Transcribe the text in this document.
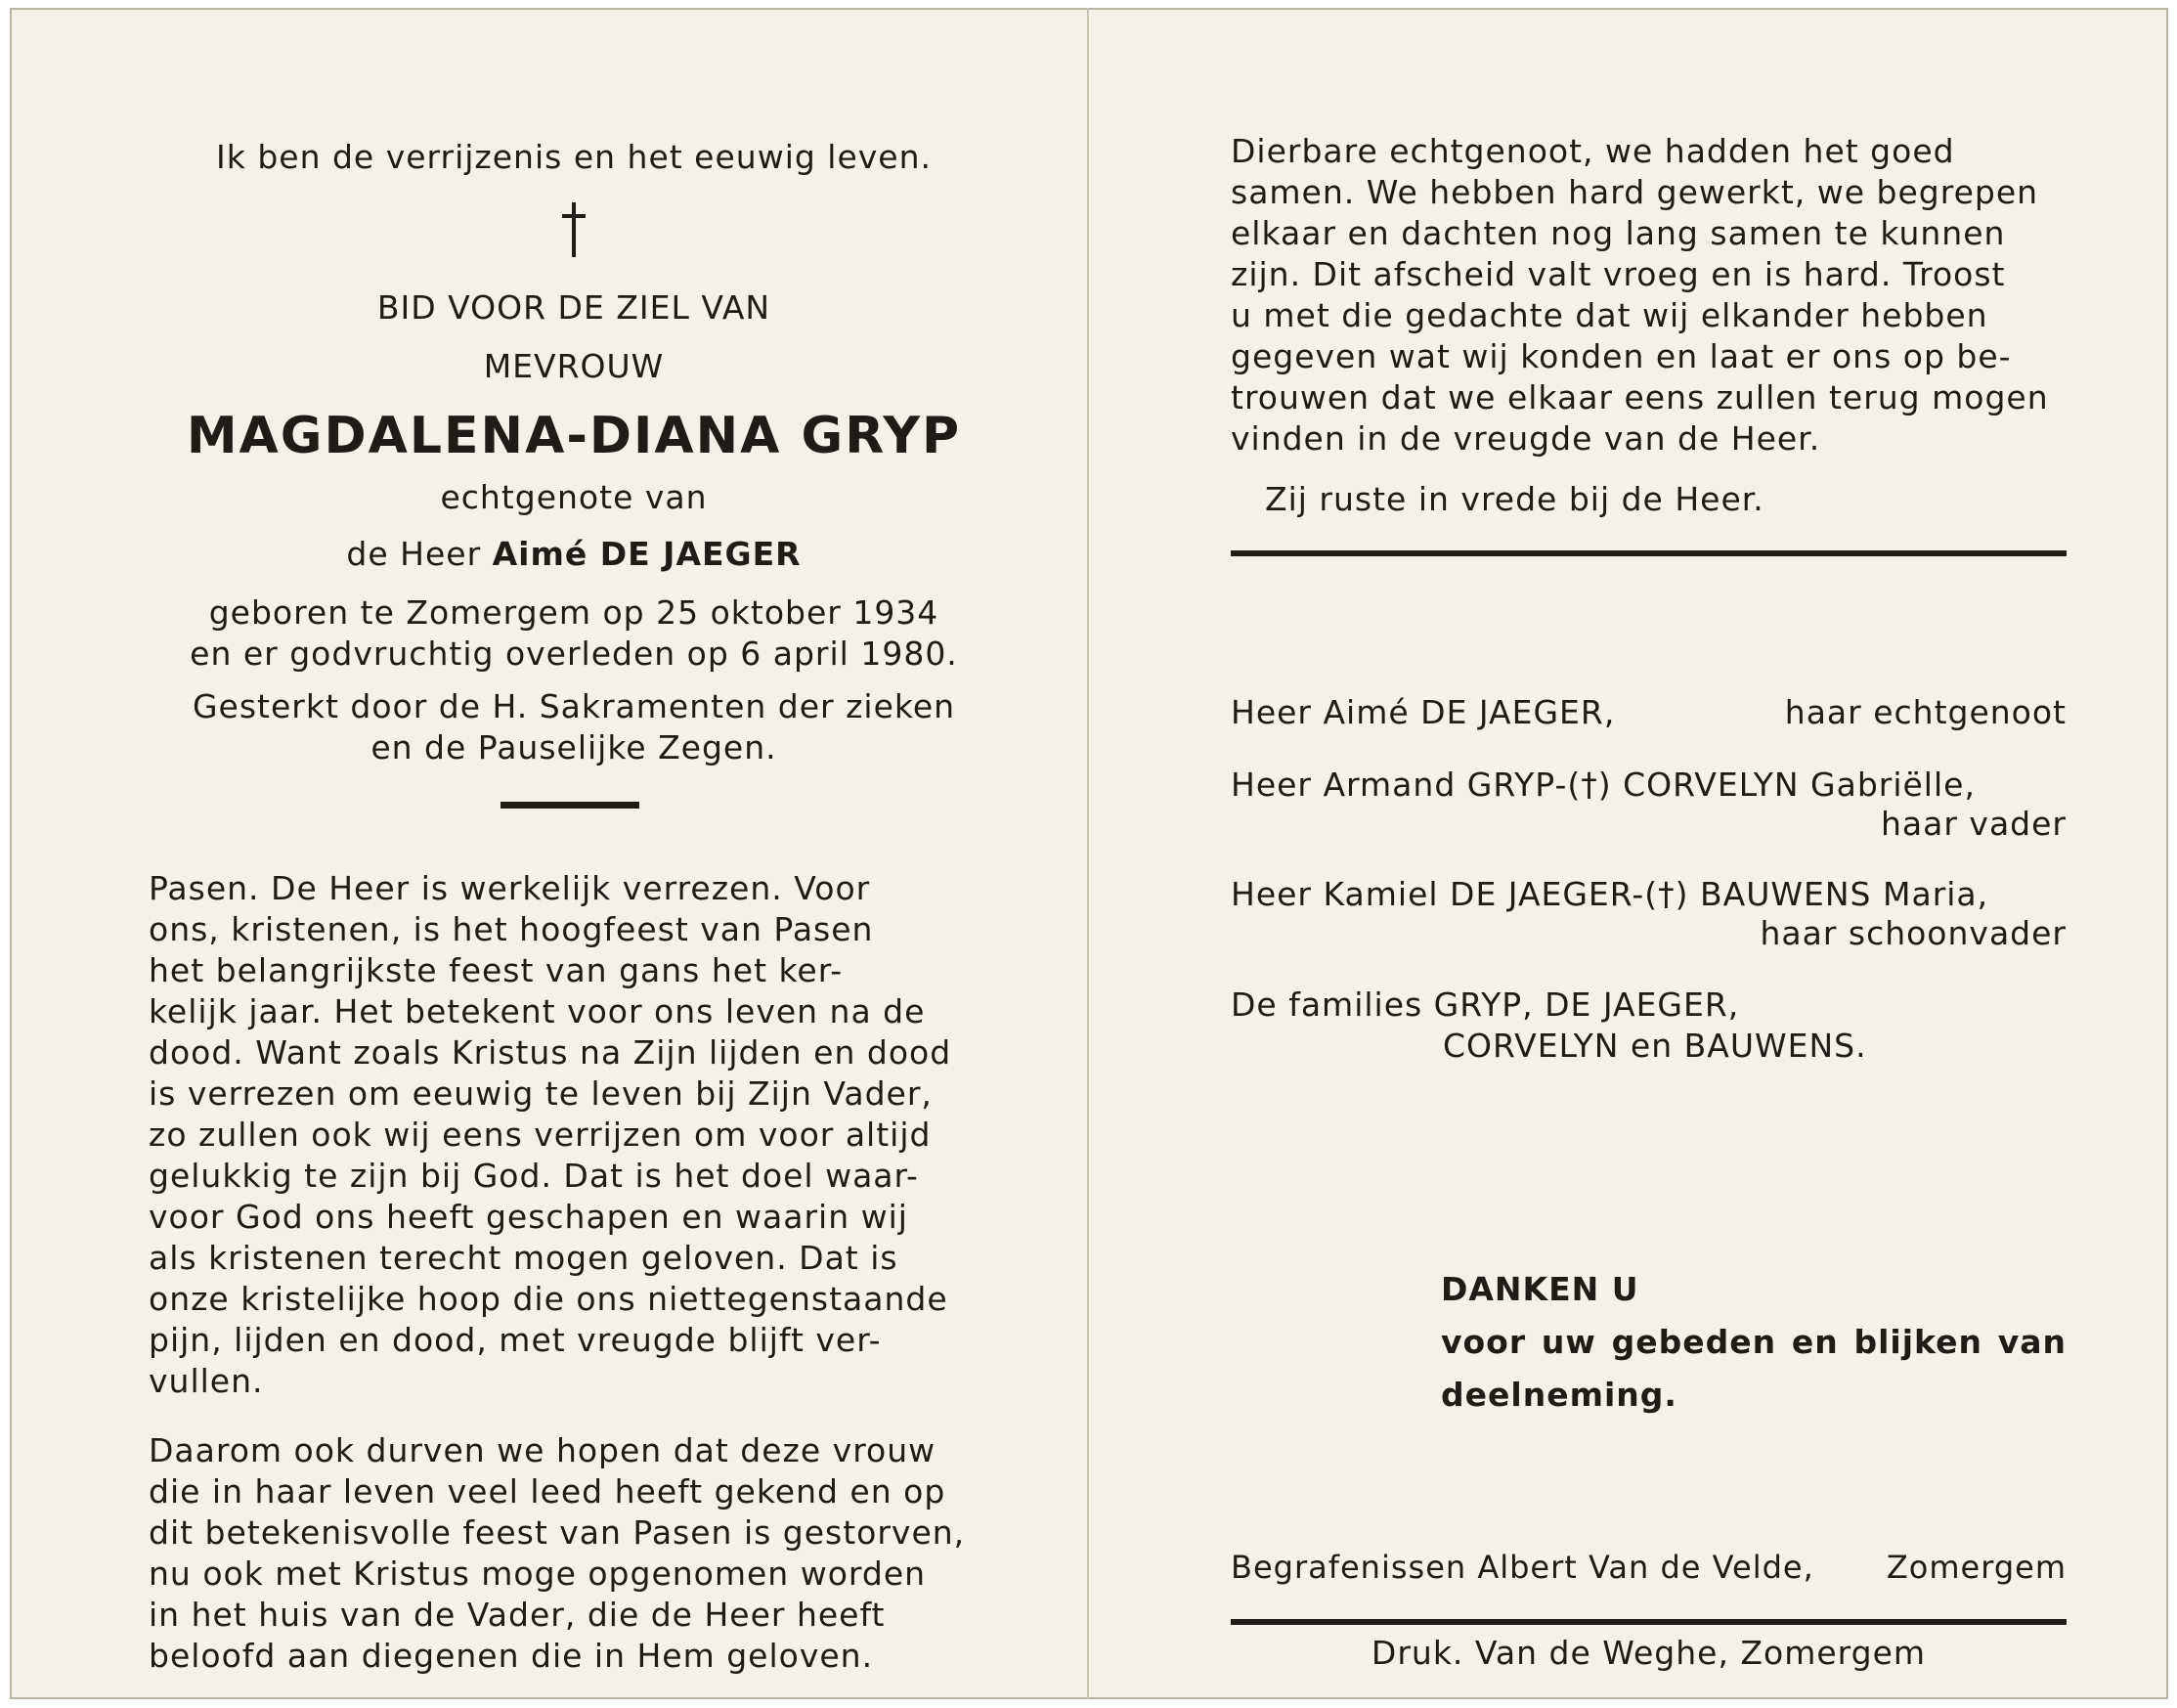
Ik ben de verrijzenis en het eeuwig leven.
BID VOOR DE ZIEL VAN
MEVROUW
MAGDALENA-DIANA GRYP
echtgenote van
de Heer Aimé DE JAEGER
geboren te Zomergem op 25 oktober 1934
en er godvruchtig overleden op 6 april 1980.
Gesterkt door de H. Sakramenten der zieken
en de Pauselijke Zegen.
Pasen. De Heer is werkelijk verrezen. Voor
ons, kristenen, is het hoogfeest van Pasen
het belangrijkste feest van gans het ker-
kelijk jaar. Het betekent voor ons leven na de
dood. Want zoals Kristus na Zijn lijden en dood
is verrezen om eeuwig te leven bij Zijn Vader,
zo zullen ook wij eens verrijzen om voor altijd
gelukkig te zijn bij God. Dat is het doel waar-
voor God ons heeft geschapen en waarin wij
als kristenen terecht mogen geloven. Dat is
onze kristelijke hoop die ons niettegenstaande
pijn, lijden en dood, met vreugde blijft ver-
vullen.
Daarom ook durven we hopen dat deze vrouw
die in haar leven veel leed heeft gekend en op
dit betekenisvolle feest van Pasen is gestorven,
nu ook met Kristus moge opgenomen worden
in het huis van de Vader, die de Heer heeft
beloofd aan diegenen die in Hem geloven.
Dierbare echtgenoot, we hadden het goed
samen. We hebben hard gewerkt, we begrepen
elkaar en dachten nog lang samen te kunnen
zijn. Dit afscheid valt vroeg en is hard. Troost
u met die gedachte dat wij elkander hebben
gegeven wat wij konden en laat er ons op be-
trouwen dat we elkaar eens zullen terug mogen
vinden in de vreugde van de Heer.
Zij ruste in vrede bij de Heer.
Heer Aimé DE JAEGER,	haar echtgenoot
Heer Armand GRYP-(†) CORVELYN Gabriëlle,
haar vader
Heer Kamiel DE JAEGER-(†) BAUWENS Maria,
haar schoonvader
De families GRYP, DE JAEGER,
CORVELYN en BAUWENS.
DANKEN U
voor uw gebeden en blijken van
deelneming.
Begrafenissen Albert Van de Velde, Zomergem
Druk. Van de Weghe, Zomergem
